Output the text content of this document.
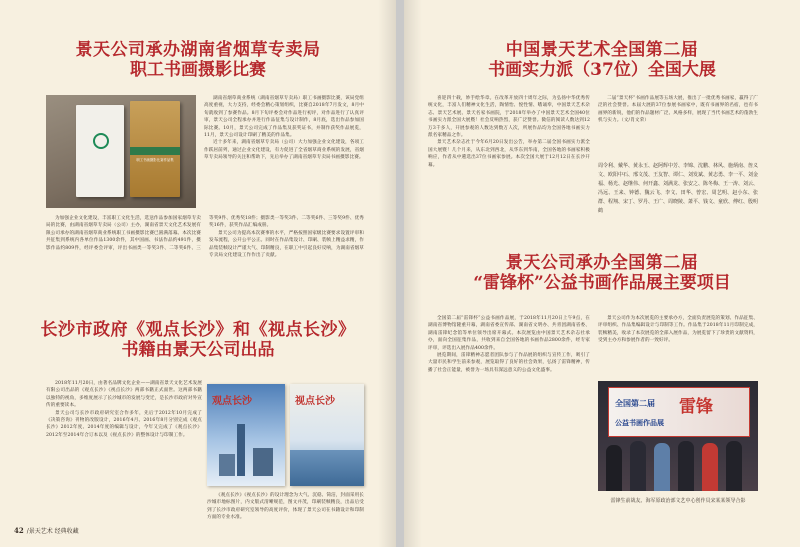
景天公司承办湖南省烟草专卖局
职工书画摄影比赛
职工书画摄影比赛作品集

湖南省烟草商业系统（湖南省烟草专卖局）职工书画摄影比赛，该局党组高度重视，大力支持，经委会精心策划组织，比赛自2018年7月发文，8月中旬就收到了参赛作品。8月下旬评委会对作品进行初评，对作品进行了认真评审，景天公司全程承办并进行作品征集与设计制作，8月底，选出作品参加国际比赛。10月，景天公司完成了作品集及获奖证书，并制作获奖作品展览，11月，景天公司设计印刷了精美的作品集。

近十多年来，湖南省烟草专卖局（公司）大力加强企业文化建设，各项工作跃居前列，通过企业文化建设，有力促进了全省烟草商业系统的发展，省烟草专卖局领导的关注和帮助下，先后举办了湖南省烟草专卖局书画摄影比赛。

为加强企业文化建设，丰富职工文化生活，选送作品参加国家烟草专卖局的比赛，由湖南省烟草专卖局（公司）主办，湖南省景天文化艺术发展有限公司承办的湖南省烟草商业系统职工书画摄影比赛已圆满落幕。本次比赛共征集到系统内各单位作品1300余件，其中国画、书法作品约491件，摄影作品约809件，经评委会评审，评出书画类一等奖3件、二等奖6件、三等奖9件、优秀奖18件；摄影类一等奖3件、二等奖6件、三等奖9件、优秀奖16件，获奖作品汇编成册。

景天公司为提高本次赛事的水平，严格按照国家级比赛要求设置评审和发布流程，公开公平公正。同时在作品集设计、印刷、装帧上精益求精，作品集装帧设计严谨大气、印制精良，在职工中引起良好反响，为湖南省烟草专卖局文化建设工作作出了贡献。

长沙市政府《观点长沙》和《视点长沙》
书籍由景天公司出品

2018年11月20日，由著名品牌文化企业——湖南省景天文化艺术发展有限公司出品的《观点长沙》《视点长沙》两部书籍正式面世。这两部书籍以独特的视角，多维度展示了长沙城市的发展与变迁，是长沙市政府对外宣传的重要读本。

景天公司与长沙市政府研究室合作多年，先后于2012年10月完成了《决策咨询》刊物的改版设计，2016年4月、2016年8月分别完成《观点长沙》2012年度、2014年度的编辑与设计，今年又完成了《观点长沙》2012年至2014年合订本以及《视点长沙》的整体设计与印制工作。

观点长沙	视点长沙

《观点长沙》《视点长沙》的设计理念为大气、沉稳、简洁，封面采用长沙城市地标图片，内文版式清晰规范，图文并茂，印刷装帧精良，出品后受到了长沙市政府研究室领导的高度评价，体现了景天公司在书籍设计和印制方面的专业水准。

42 /景天艺术 经典收藏
中国景天艺术全国第二届
书画实力派（37位）全国大展

喜迎四十载，妙手绘华章。在改革开放四十周年之际，为弘扬中华优秀传统文化，丰富人们精神文化生活，陶情怡、悦性情、嗜诵奉，中国景天艺术杂志、景天艺术展、景天名家书画院，于2018年举办了中国景天艺术全国40位书画实力派全国大展暨！社会反响热烈，获广泛赞誉。微信的阅读人数达到12万3千多人，开展参观的人数达到数万人次，所展作品均为全国各地书画实力派名家精品之作。

景天艺术杂志社于今年6月20日发出公告，举办第二届全国书画实力派全国大展暨！几个月来，从东北到西北，从华东到华南，全国各地的书画家积极响应，作者从中遴选出37位书画家参展。本次全国大展于12月12日在长沙开幕。

二届“景天杯”书画作品展等五场大展，推出了一批优秀书画家，赢得了广泛的社会赞誉。本届大展的37位参展书画家中，既有书画界的名宿，也有书画界的新锐，他们的作品题材广泛、风格多样，展现了当代书画艺术的蓬勃生机与实力。（文/肖文荣）

周令利、戴华、黄永玉、赵阿辉中芳、李锦、沈鹏、林风、施炳南、詹义文、欧阳中石、邢文茂、王友智、谭仁、刘发斌、黄志勇、李一平、刘金福、杨光、赵继伟、何开鑫、刘满龙、张安之、陈冬梅、王一涛、刘云、冯远、王来、钟德、魏云飞、李文、田华、曾宏、周艺明、赵小东、张群、程翔、宋丁、罗丹、王广、周晓陵、萧平、钱文、童欣、傅红、殷明鹤
景天公司承办全国第二届
“雷锋杯”公益书画作品展主要项目

全国第二届“雷锋杯”公益书画作品展，于2018年11月20日上午9点，在湖南省博物馆隆重开幕，湖南省委宣传部、湖南省文明办、共青团湖南省委、湖南雷锋纪念馆等单位领导出席开幕式。本次展览由中国景天艺术杂志社承办，面向全国征集作品，共收到来自全国各地的书画作品2800余件，经专家评审，评选出入展作品400余件。

展览期间，雷锋精神志愿者团队参与了作品展的组织与宣传工作，吸引了大量市民和学生前来参观，展览取得了良好的社会效果，弘扬了雷锋精神，传播了社会正能量，被誉为一场具有深远意义的公益文化盛事。

景天公司作为本次展览的主要承办方，全面负责展览的策划、作品征集、评审组织、作品集编辑设计与印制等工作。作品集于2018年11月印制完成，装帧精美，收录了本次展览的全部入展作品，为展览留下了珍贵的文献资料，受到主办方和参展作者的一致好评。

全国第二届 雷锋
公益书画作品展
雷锋生前战友、海军原政治部文艺中心创作员宋某某领导合影
